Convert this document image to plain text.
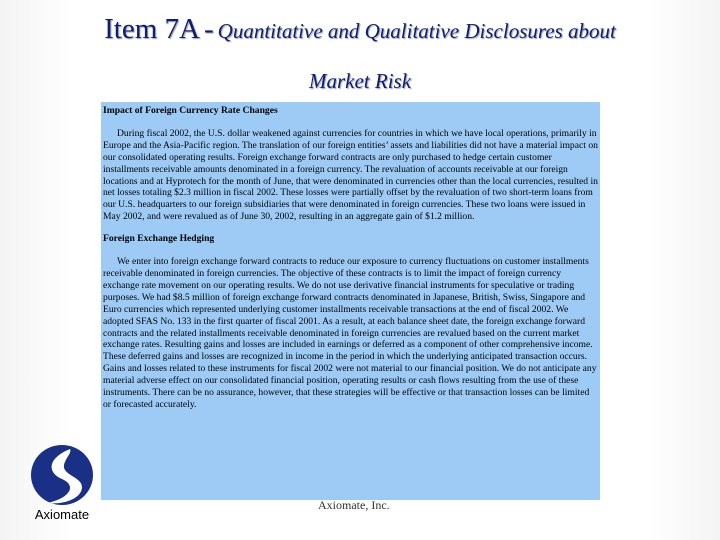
Item 7A - Quantitative and Qualitative Disclosures about
Market Risk

Impact of Foreign Currency Rate Changes

During fiscal 2002, the U.S. dollar weakened against currencies for countries in which we have local operations, primarily in Europe and the Asia-Pacific region. The translation of our foreign entities’ assets and liabilities did not have a material impact on our consolidated operating results. Foreign exchange forward contracts are only purchased to hedge certain customer installments receivable amounts denominated in a foreign currency. The revaluation of accounts receivable at our foreign locations and at Hyprotech for the month of June, that were denominated in currencies other than the local currencies, resulted in net losses totaling $2.3 million in fiscal 2002. These losses were partially offset by the revaluation of two short-term loans from our U.S. headquarters to our foreign subsidiaries that were denominated in foreign currencies. These two loans were issued in May 2002, and were revalued as of June 30, 2002, resulting in an aggregate gain of $1.2 million.

Foreign Exchange Hedging

We enter into foreign exchange forward contracts to reduce our exposure to currency fluctuations on customer installments receivable denominated in foreign currencies. The objective of these contracts is to limit the impact of foreign currency exchange rate movement on our operating results. We do not use derivative financial instruments for speculative or trading purposes. We had $8.5 million of foreign exchange forward contracts denominated in Japanese, British, Swiss, Singapore and Euro currencies which represented underlying customer installments receivable transactions at the end of fiscal 2002. We adopted SFAS No. 133 in the first quarter of fiscal 2001. As a result, at each balance sheet date, the foreign exchange forward contracts and the related installments receivable denominated in foreign currencies are revalued based on the current market exchange rates. Resulting gains and losses are included in earnings or deferred as a component of other comprehensive income. These deferred gains and losses are recognized in income in the period in which the underlying anticipated transaction occurs. Gains and losses related to these instruments for fiscal 2002 were not material to our financial position. We do not anticipate any material adverse effect on our consolidated financial position, operating results or cash flows resulting from the use of these instruments. There can be no assurance, however, that these strategies will be effective or that transaction losses can be limited or forecasted accurately.

Axiomate
Axiomate, Inc.
